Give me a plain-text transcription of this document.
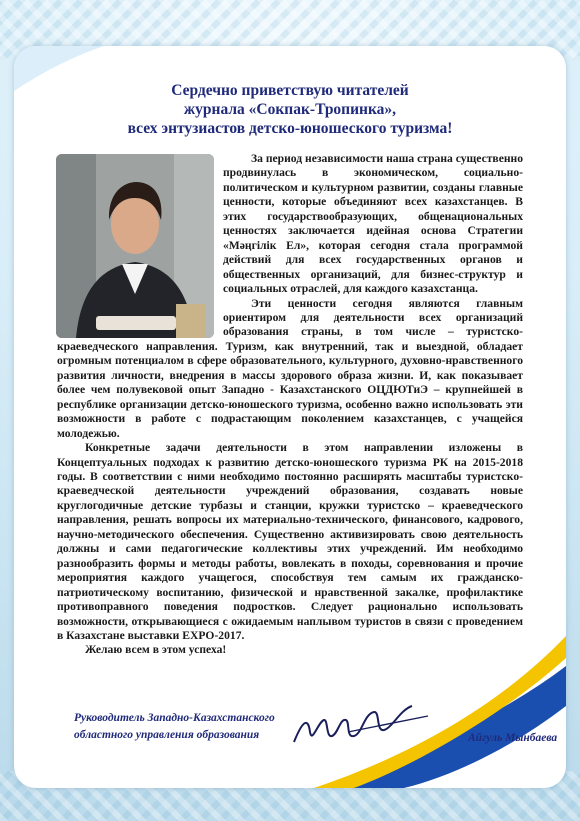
Сердечно приветствую читателей
журнала «Сокпак-Тропинка»,
всех энтузиастов детско-юношеского туризма!

За период независимости наша страна существенно продвинулась в экономическом, социально-политическом и культурном развитии, созданы главные ценности, которые объединяют всех казахстанцев. В этих государствообразующих, общенациональных ценностях заключается идейная основа Стратегии «Мәңгілік Ел», которая сегодня стала программой действий для всех государственных органов и общественных организаций, для бизнес-структур и социальных отраслей, для каждого казахстанца.

Эти ценности сегодня являются главным ориентиром для деятельности всех организаций образования страны, в том числе – туристско-краеведческого направления. Туризм, как внутренний, так и выездной, обладает огромным потенциалом в сфере образовательного, культурного, духовно-нравственного развития личности, внедрения в массы здорового образа жизни. И, как показывает более чем полувековой опыт Западно - Казахстанского ОЦДЮТиЭ – крупнейшей в республике организации детско-юношеского туризма, особенно важно использовать эти возможности в работе с подрастающим поколением казахстанцев, с учащейся молодежью.

Конкретные задачи деятельности в этом направлении изложены в Концептуальных подходах к развитию детско-юношеского туризма РК на 2015-2018 годы. В соответствии с ними необходимо постоянно расширять масштабы туристско-краеведческой деятельности учреждений образования, создавать новые круглогодичные детские турбазы и станции, кружки туристско – краеведческого направления, решать вопросы их материально-технического, финансового, кадрового, научно-методического обеспечения. Существенно активизировать свою деятельность должны и сами педагогические коллективы этих учреждений. Им необходимо разнообразить формы и методы работы, вовлекать в походы, соревнования и прочие мероприятия каждого учащегося, способствуя тем самым их гражданско-патриотическому воспитанию, физической и нравственной закалке, профилактике противоправного поведения подростков. Следует рационально использовать возможности, открывающиеся с ожидаемым наплывом туристов в связи с проведением в Казахстане выставки EXPO-2017.

Желаю всем в этом успеха!

Руководитель Западно-Казахстанского
областного управления образования	Айгуль Мынбаева
